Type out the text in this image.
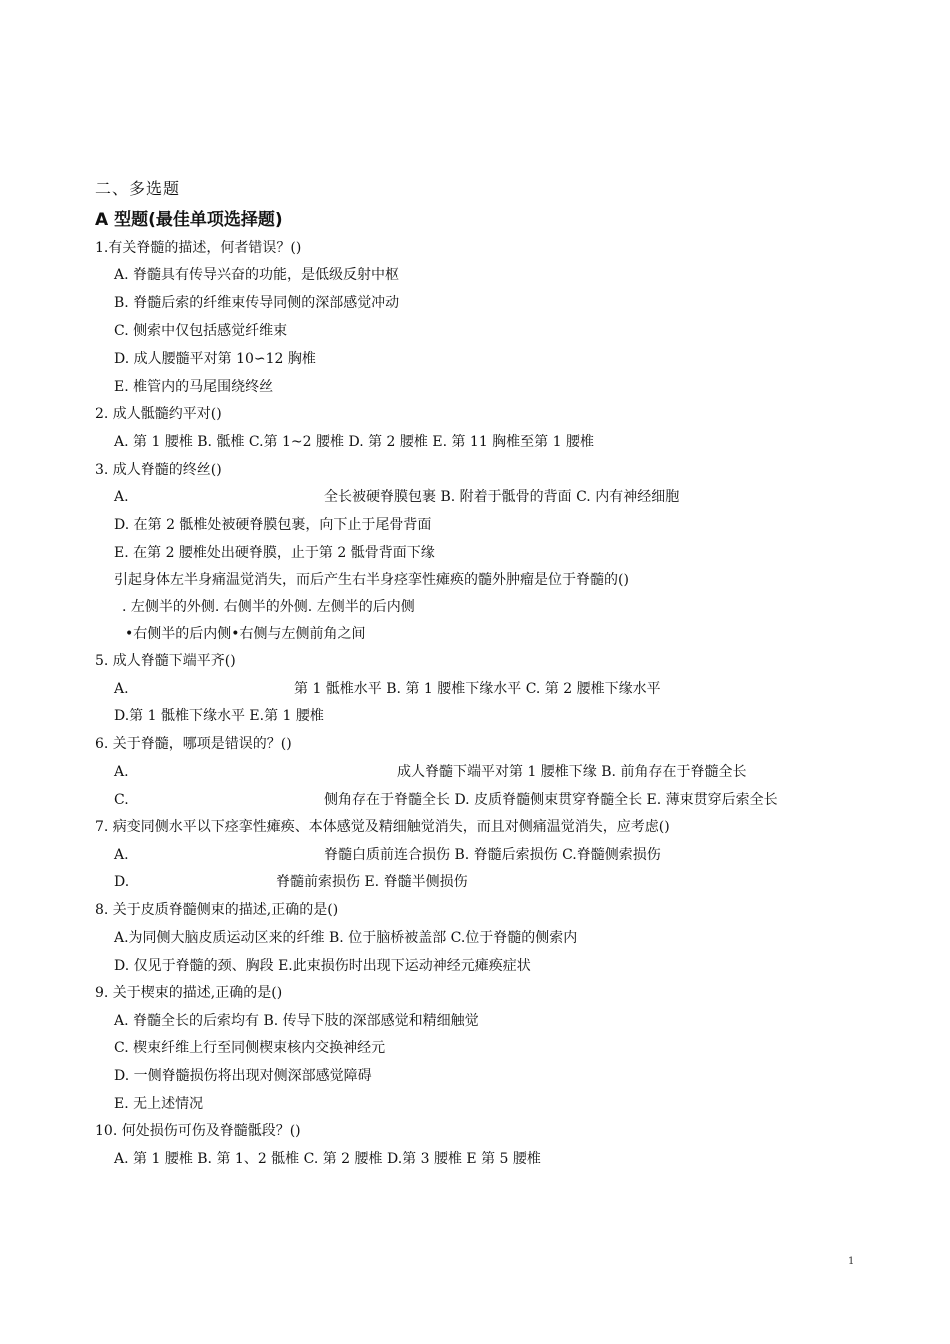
二、多选题
A 型题(最佳单项选择题)
1.有关脊髓的描述，何者错误？()
A. 脊髓具有传导兴奋的功能，是低级反射中枢
B. 脊髓后索的纤维束传导同侧的深部感觉冲动
C. 侧索中仅包括感觉纤维束
D. 成人腰髓平对第 10∽12 胸椎
E. 椎管内的马尾围绕终丝
2. 成人骶髓约平对()
A. 第 1 腰椎 B. 骶椎 C.第 1~2 腰椎 D. 第 2 腰椎 E. 第 11 胸椎至第 1 腰椎
3. 成人脊髓的终丝()
A.	全长被硬脊膜包裹 B. 附着于骶骨的背面 C. 内有神经细胞
D. 在第 2 骶椎处被硬脊膜包裹，向下止于尾骨背面
E. 在第 2 腰椎处出硬脊膜，止于第 2 骶骨背面下缘
引起身体左半身痛温觉消失，而后产生右半身痉挛性瘫痪的髓外肿瘤是位于脊髓的()
. 左侧半的外侧. 右侧半的外侧. 左侧半的后内侧
•右侧半的后内侧•右侧与左侧前角之间
5. 成人脊髓下端平齐()
A.	第 1 骶椎水平 B. 第 1 腰椎下缘水平 C. 第 2 腰椎下缘水平
D.第 1 骶椎下缘水平 E.第 1 腰椎
6. 关于脊髓，哪项是错误的？()
A.	成人脊髓下端平对第 1 腰椎下缘 B. 前角存在于脊髓全长
C.	侧角存在于脊髓全长 D. 皮质脊髓侧束贯穿脊髓全长 E. 薄束贯穿后索全长
7. 病变同侧水平以下痉挛性瘫痪、本体感觉及精细触觉消失，而且对侧痛温觉消失，应考虑()
A.	脊髓白质前连合损伤 B. 脊髓后索损伤 C.脊髓侧索损伤
D.	脊髓前索损伤 E. 脊髓半侧损伤
8. 关于皮质脊髓侧束的描述,正确的是()
A.为同侧大脑皮质运动区来的纤维 B. 位于脑桥被盖部 C.位于脊髓的侧索内
D. 仅见于脊髓的颈、胸段 E.此束损伤时出现下运动神经元瘫痪症状
9. 关于楔束的描述,正确的是()
A. 脊髓全长的后索均有 B. 传导下肢的深部感觉和精细触觉
C. 楔束纤维上行至同侧楔束核内交换神经元
D. 一侧脊髓损伤将出现对侧深部感觉障碍
E. 无上述情况
10. 何处损伤可伤及脊髓骶段？()
A. 第 1 腰椎 B. 第 1、2 骶椎 C. 第 2 腰椎 D.第 3 腰椎 E 第 5 腰椎
1
